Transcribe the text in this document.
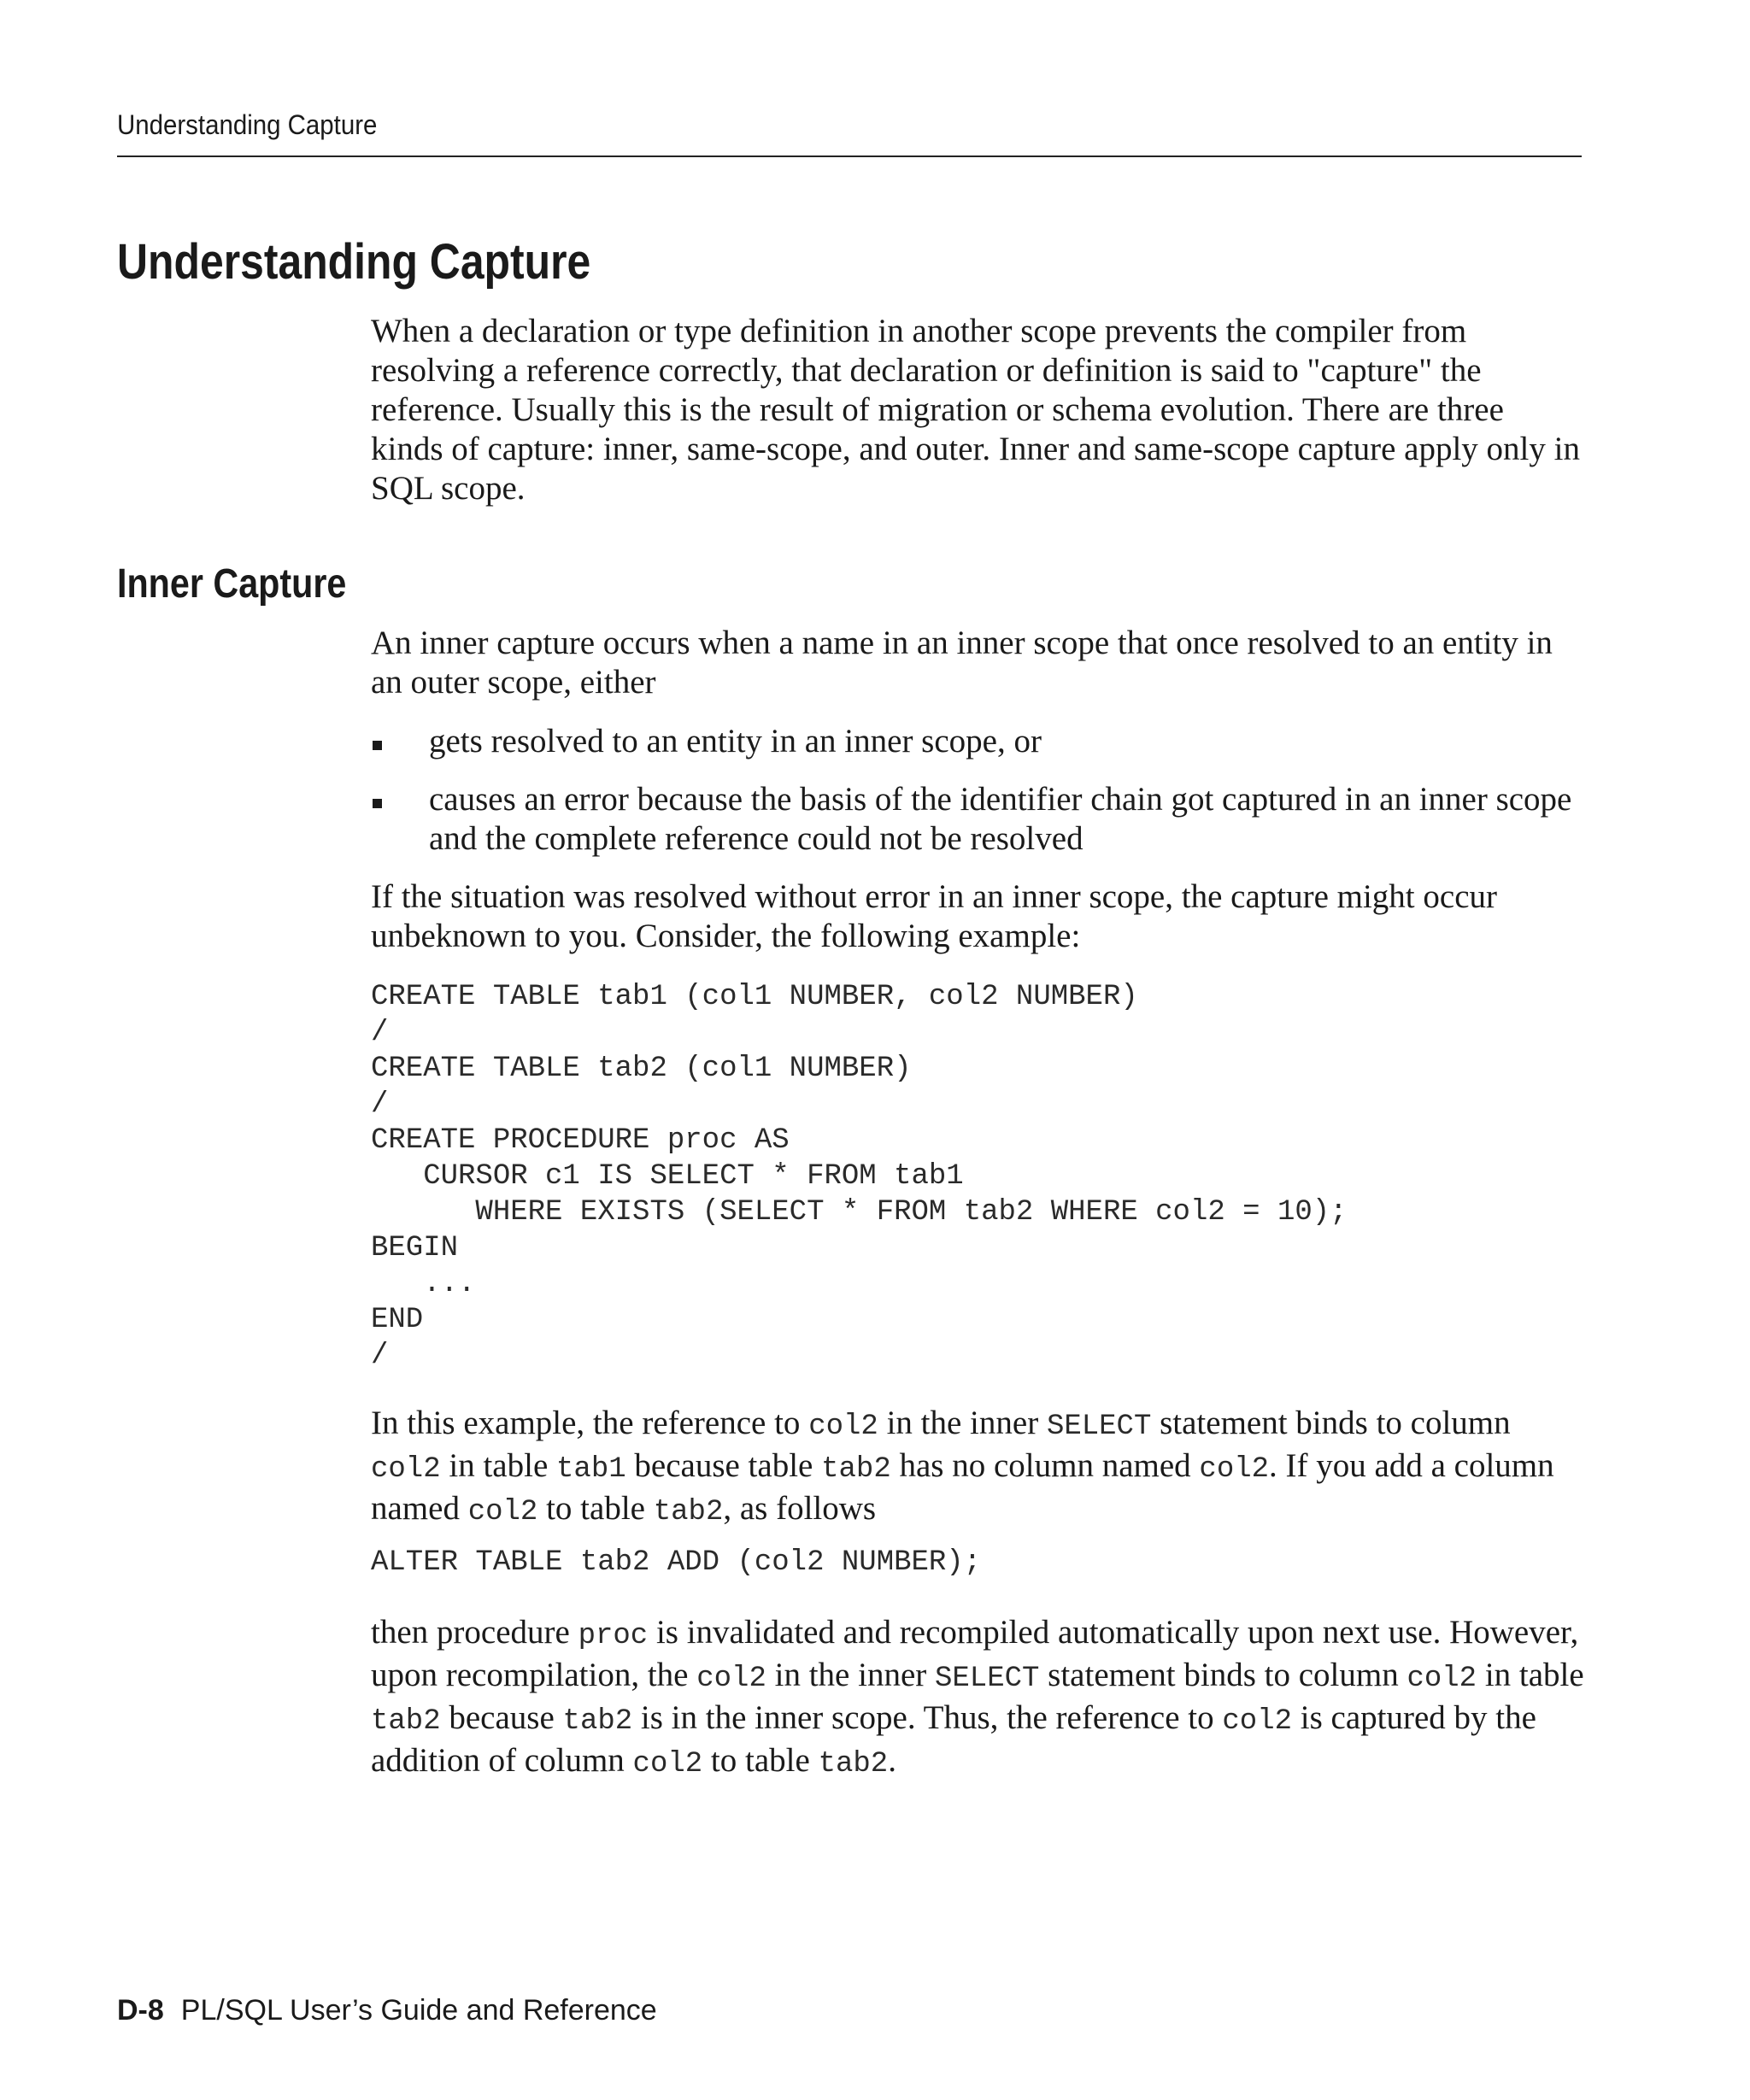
Understanding Capture
Understanding Capture

When a declaration or type definition in another scope prevents the compiler from resolving a reference correctly, that declaration or definition is said to "capture" the reference. Usually this is the result of migration or schema evolution. There are three kinds of capture: inner, same-scope, and outer. Inner and same-scope capture apply only in SQL scope.

Inner Capture

An inner capture occurs when a name in an inner scope that once resolved to an entity in an outer scope, either

gets resolved to an entity in an inner scope, or
causes an error because the basis of the identifier chain got captured in an inner scope and the complete reference could not be resolved

If the situation was resolved without error in an inner scope, the capture might occur unbeknown to you. Consider, the following example:

CREATE TABLE tab1 (col1 NUMBER, col2 NUMBER)
/
CREATE TABLE tab2 (col1 NUMBER)
/
CREATE PROCEDURE proc AS
CURSOR c1 IS SELECT * FROM tab1
WHERE EXISTS (SELECT * FROM tab2 WHERE col2 = 10);
BEGIN
...
END
/

In this example, the reference to col2 in the inner SELECT statement binds to column col2 in table tab1 because table tab2 has no column named col2. If you add a column named col2 to table tab2, as follows

ALTER TABLE tab2 ADD (col2 NUMBER);

then procedure proc is invalidated and recompiled automatically upon next use. However, upon recompilation, the col2 in the inner SELECT statement binds to column col2 in table tab2 because tab2 is in the inner scope. Thus, the reference to col2 is captured by the addition of column col2 to table tab2.

D-8 PL/SQL User’s Guide and Reference
